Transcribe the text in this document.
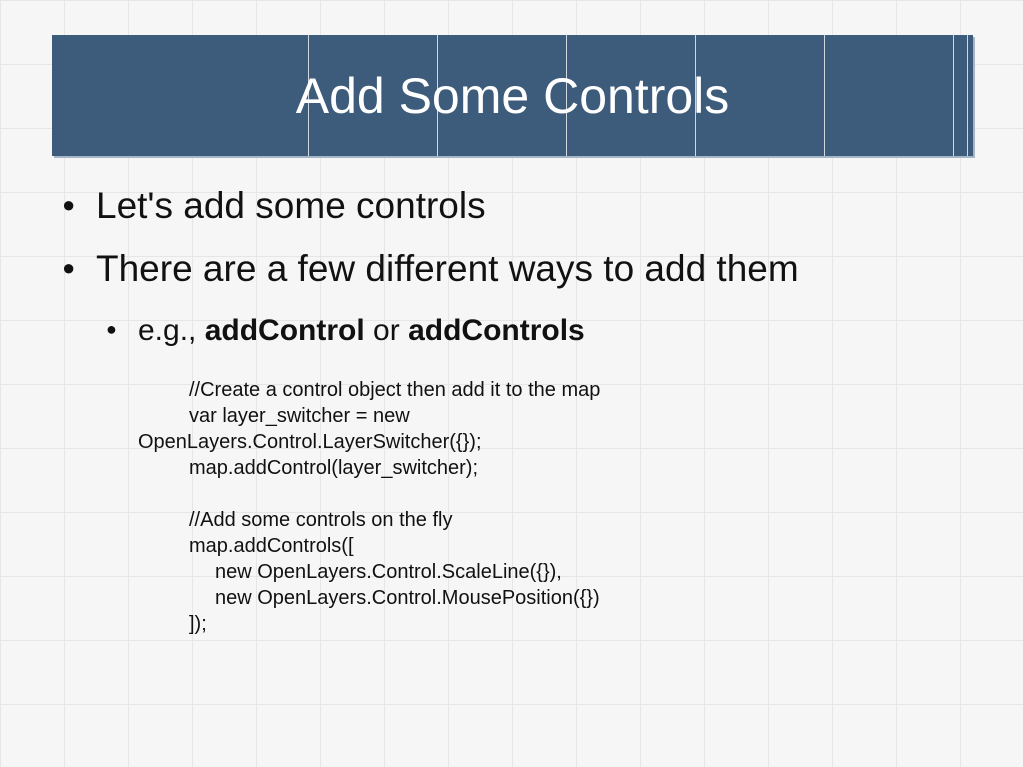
Add Some Controls
● Let's add some controls
● There are a few different ways to add them
● e.g., addControl or addControls
//Create a control object then add it to the map
var layer_switcher = new
OpenLayers.Control.LayerSwitcher({});
map.addControl(layer_switcher);
//Add some controls on the fly
map.addControls([
new OpenLayers.Control.ScaleLine({}),
new OpenLayers.Control.MousePosition({})
]);
